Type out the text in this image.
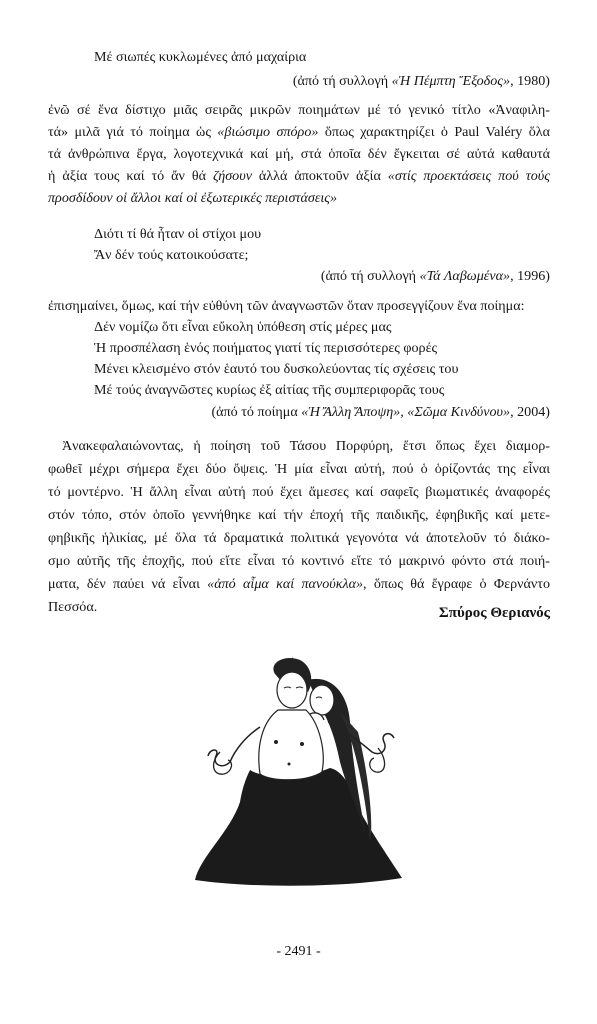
Μέ σιωπές κυκλωμένες ἀπό μαχαίρια
(ἀπό τή συλλογή «Ἡ Πέμπτη Ἔξοδος», 1980)
ἐνῶ σέ ἕνα δίστιχο μιᾶς σειρᾶς μικρῶν ποιημάτων μέ τό γενικό τίτλο «Ἀναφιλη-
τά» μιλᾶ γιά τό ποίημα ὡς «βιώσιμο σπόρο» ὅπως χαρακτηρίζει ὁ Paul Valéry ὅλα
τά ἀνθρώπινα ἔργα, λογοτεχνικά καί μή, στά ὁποῖα δέν ἔγκειται σέ αὐτά καθαυτά
ἡ ἀξία τους καί τό ἄν θά ζήσουν ἀλλά ἀποκτοῦν ἀξία «στίς προεκτάσεις πού τούς
προσδίδουν οἱ ἄλλοι καί οἱ ἐξωτερικές περιστάσεις»
Διότι τί θά ἦταν οἱ στίχοι μου
Ἄν δέν τούς κατοικούσατε;
(ἀπό τή συλλογή «Τά Λαβωμένα», 1996)
ἐπισημαίνει, ὅμως, καί τήν εὐθύνη τῶν ἀναγνωστῶν ὅταν προσεγγίζουν ἕνα ποίημα:
Δέν νομίζω ὅτι εἶναι εὔκολη ὑπόθεση στίς μέρες μας
Ἡ προσπέλαση ἑνός ποιήματος γιατί τίς περισσότερες φορές
Μένει κλεισμένο στόν ἑαυτό του δυσκολεύοντας τίς σχέσεις του
Μέ τούς ἀναγνῶστες κυρίως ἐξ αἰτίας τῆς συμπεριφορᾶς τους
(ἀπό τό ποίημα «Ἡ Ἄλλη Ἄποψη», «Σῶμα Κινδύνου», 2004)
Ἀνακεφαλαιώνοντας, ἡ ποίηση τοῦ Τάσου Πορφύρη, ἔτσι ὅπως ἔχει διαμορ-
φωθεῖ μέχρι σήμερα ἔχει δύο ὄψεις. Ἡ μία εἶναι αὐτή, πού ὁ ὁρίζοντάς της εἶναι
τό μοντέρνο. Ἡ ἄλλη εἶναι αὐτή πού ἔχει ἄμεσες καί σαφεῖς βιωματικές ἀναφορές
στόν τόπο, στόν ὁποῖο γεννήθηκε καί τήν ἐποχή τῆς παιδικῆς, ἐφηβικῆς καί μετε-
φηβικῆς ἡλικίας, μέ ὅλα τά δραματικά πολιτικά γεγονότα νά ἀποτελοῦν τό διάκο-
σμο αὐτῆς τῆς ἐποχῆς, πού εἴτε εἶναι τό κοντινό εἴτε τό μακρινό φόντο στά ποιή-
ματα, δέν παύει νά εἶναι «ἀπό αἷμα καί πανούκλα», ὅπως θά ἔγραφε ὁ Φερνάντο
Πεσσόα.	Σπύρος Θεριανός
- 2491 -
